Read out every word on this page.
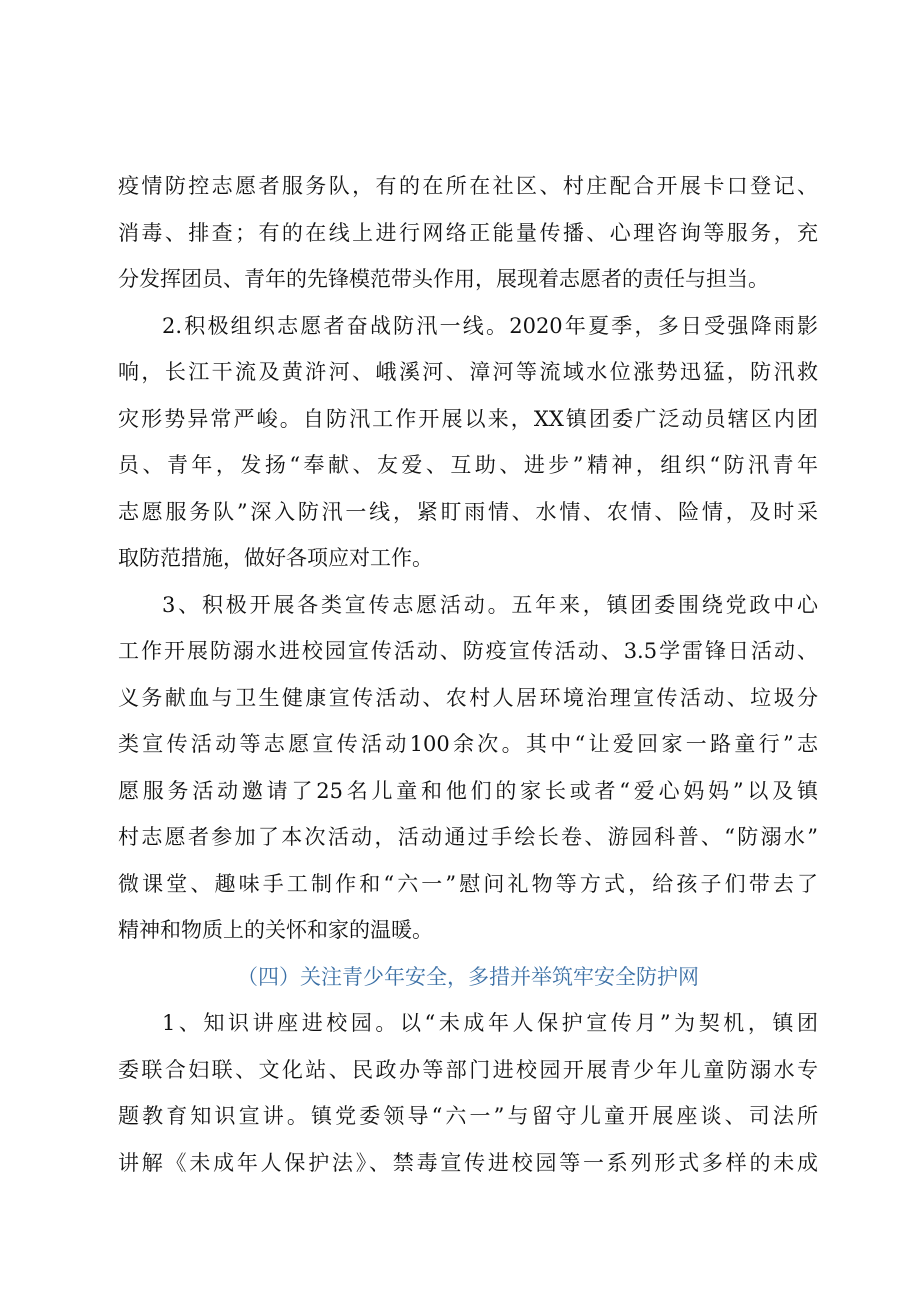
疫情防控志愿者服务队，有的在所在社区、村庄配合开展卡口登记、
消毒、排查；有的在线上进行网络正能量传播、心理咨询等服务，充
分发挥团员、青年的先锋模范带头作用，展现着志愿者的责任与担当。
2.积极组织志愿者奋战防汛一线。2020年夏季，多日受强降雨影
响，长江干流及黄浒河、峨溪河、漳河等流域水位涨势迅猛，防汛救
灾形势异常严峻。自防汛工作开展以来，XX镇团委广泛动员辖区内团
员、青年，发扬“奉献、友爱、互助、进步”精神，组织“防汛青年
志愿服务队”深入防汛一线，紧盯雨情、水情、农情、险情，及时采
取防范措施，做好各项应对工作。
3、积极开展各类宣传志愿活动。五年来，镇团委围绕党政中心
工作开展防溺水进校园宣传活动、防疫宣传活动、3.5学雷锋日活动、
义务献血与卫生健康宣传活动、农村人居环境治理宣传活动、垃圾分
类宣传活动等志愿宣传活动100余次。其中“让爱回家一路童行”志
愿服务活动邀请了25名儿童和他们的家长或者“爱心妈妈”以及镇
村志愿者参加了本次活动，活动通过手绘长卷、游园科普、“防溺水”
微课堂、趣味手工制作和“六一”慰问礼物等方式，给孩子们带去了
精神和物质上的关怀和家的温暖。
（四）关注青少年安全，多措并举筑牢安全防护网
1、知识讲座进校园。以“未成年人保护宣传月”为契机，镇团
委联合妇联、文化站、民政办等部门进校园开展青少年儿童防溺水专
题教育知识宣讲。镇党委领导“六一”与留守儿童开展座谈、司法所
讲解《未成年人保护法》、禁毒宣传进校园等一系列形式多样的未成
